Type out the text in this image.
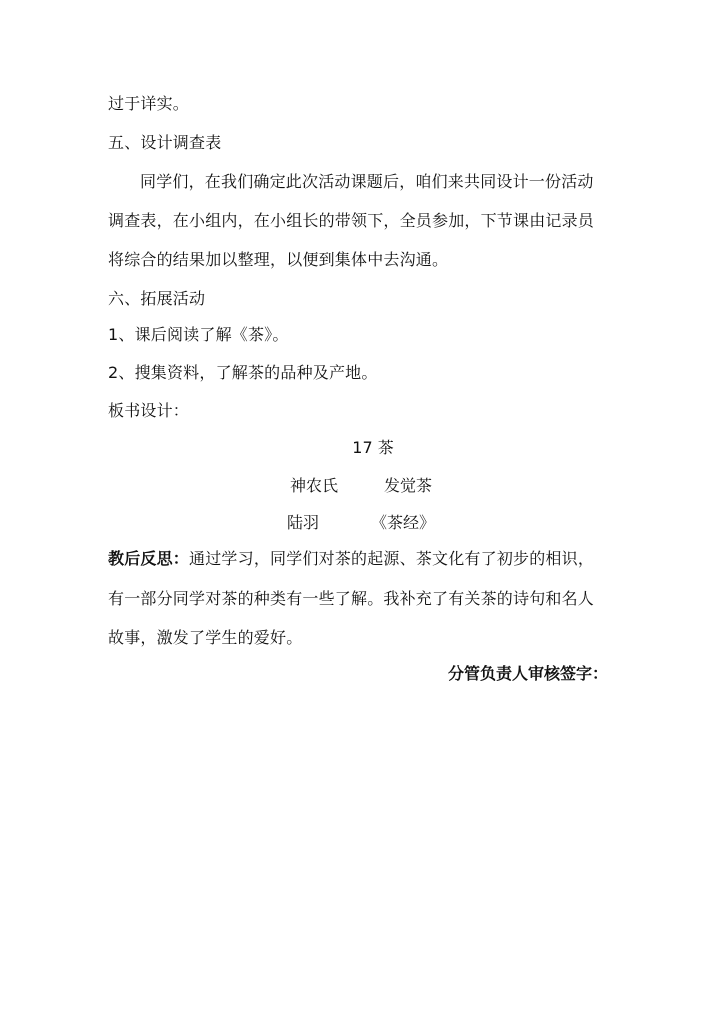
过于详实。
五、设计调查表
同学们，在我们确定此次活动课题后，咱们来共同设计一份活动
调查表，在小组内，在小组长的带领下，全员参加，下节课由记录员
将综合的结果加以整理，以便到集体中去沟通。
六、拓展活动
1、课后阅读了解《茶》。
2、搜集资料，了解茶的品种及产地。
板书设计：
17 茶
神农氏	发觉茶
陆羽	《茶经》
教后反思：通过学习，同学们对茶的起源、茶文化有了初步的相识，
有一部分同学对茶的种类有一些了解。我补充了有关茶的诗句和名人
故事，激发了学生的爱好。
分管负责人审核签字：
